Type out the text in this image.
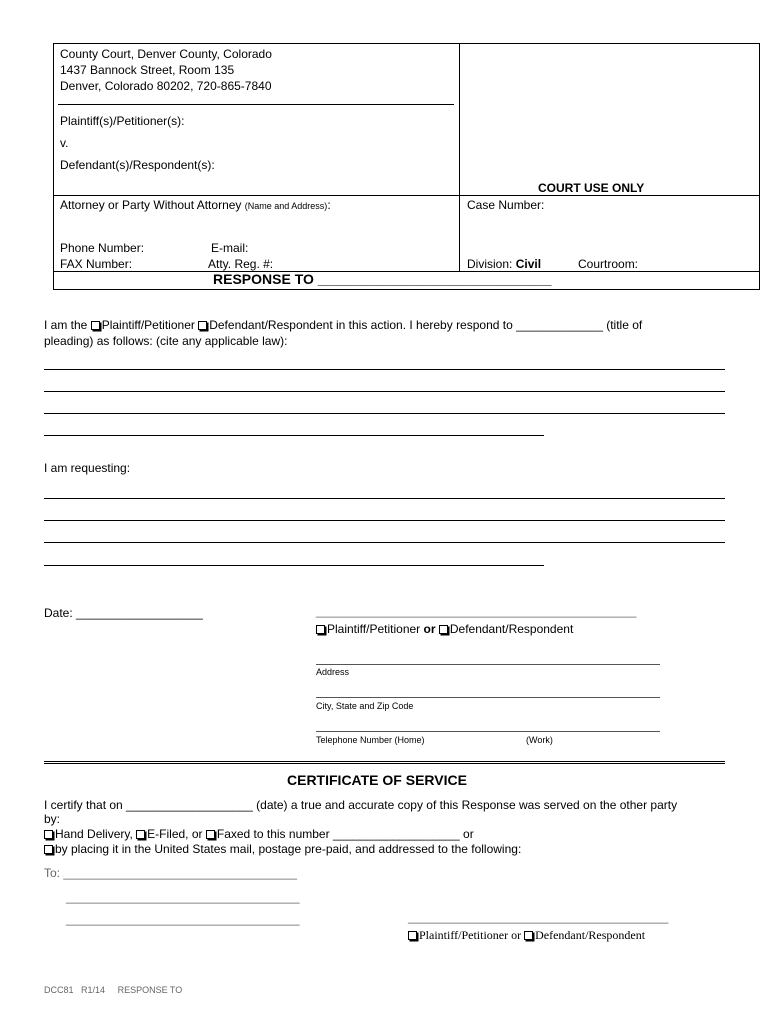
County Court, Denver County, Colorado
1437 Bannock Street, Room 135
Denver, Colorado 80202, 720-865-7840
Plaintiff(s)/Petitioner(s):
v.
Defendant(s)/Respondent(s):
COURT USE ONLY
Attorney or Party Without Attorney (Name and Address):	Case Number:
Phone Number:	E-mail:
FAX Number:	Atty. Reg. #:	Division: Civil	Courtroom:
RESPONSE TO ______________________________
I am the Plaintiff/Petitioner Defendant/Respondent in this action. I hereby respond to _____________ (title of
pleading) as follows: (cite any applicable law):
I am requesting:
Date: ___________________	________________________________________________
Plaintiff/Petitioner or Defendant/Respondent
Address
City, State and Zip Code
Telephone Number (Home)	(Work)
CERTIFICATE OF SERVICE
I certify that on ___________________ (date) a true and accurate copy of this Response was served on the other party
by:
Hand Delivery, E-Filed, or Faxed to this number ___________________ or
by placing it in the United States mail, postage pre-paid, and addressed to the following:
To: ___________________________________
___________________________________
___________________________________	_______________________________________
Plaintiff/Petitioner or Defendant/Respondent
DCC81 R1/14 RESPONSE TO
